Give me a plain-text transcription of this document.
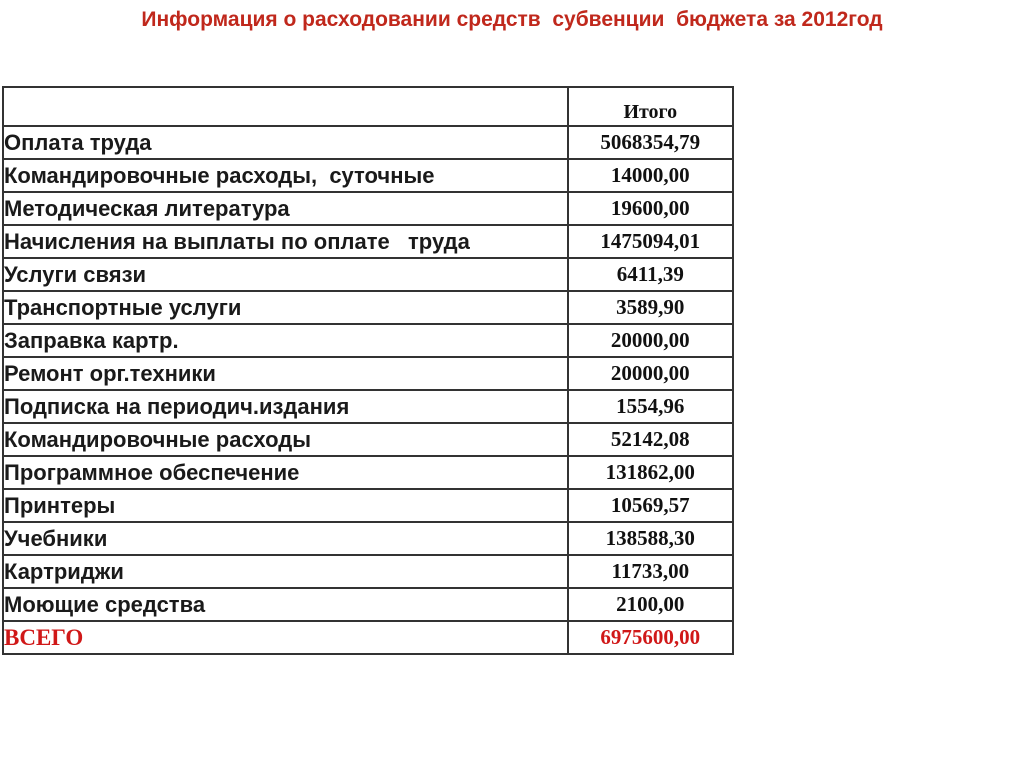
Информация о расходовании средств  субвенции  бюджета за 2012год
	Итого
Оплата труда	5068354,79
Командировочные расходы,  суточные	14000,00
Методическая литература	19600,00
Начисления на выплаты по оплате   труда	1475094,01
Услуги связи	6411,39
Транспортные услуги	3589,90
Заправка картр.	20000,00
Ремонт орг.техники	20000,00
Подписка на периодич.издания	1554,96
Командировочные расходы	52142,08
Программное обеспечение	131862,00
Принтеры	10569,57
Учебники	138588,30
Картриджи	11733,00
Моющие средства	2100,00
ВСЕГО	6975600,00
